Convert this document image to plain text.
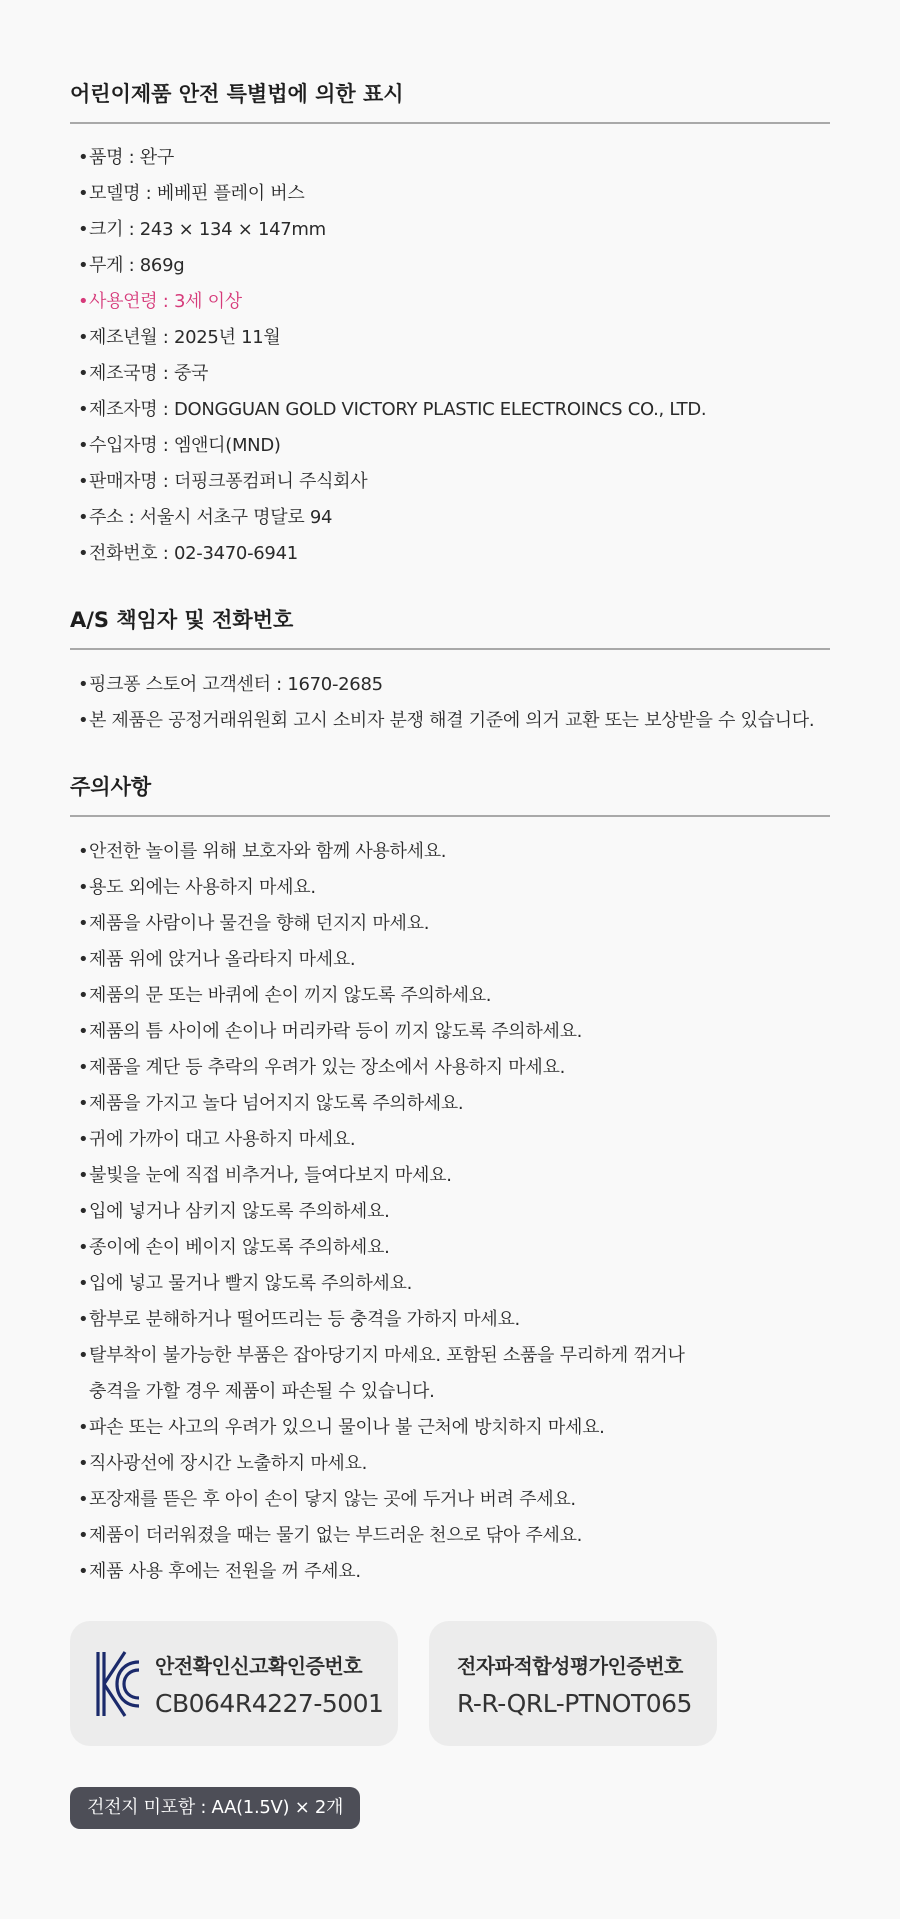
어린이제품 안전 특별법에 의한 표시
• 품명 : 완구
• 모델명 : 베베핀 플레이 버스
• 크기 : 243 × 134 × 147mm
• 무게 : 869g
• 사용연령 : 3세 이상
• 제조년월 : 2025년 11월
• 제조국명 : 중국
• 제조자명 : DONGGUAN GOLD VICTORY PLASTIC ELECTROINCS CO., LTD.
• 수입자명 : 엠앤디(MND)
• 판매자명 : 더핑크퐁컴퍼니 주식회사
• 주소 : 서울시 서초구 명달로 94
• 전화번호 : 02-3470-6941
A/S 책임자 및 전화번호
• 핑크퐁 스토어 고객센터 : 1670-2685
• 본 제품은 공정거래위원회 고시 소비자 분쟁 해결 기준에 의거 교환 또는 보상받을 수 있습니다.
주의사항
• 안전한 놀이를 위해 보호자와 함께 사용하세요.
• 용도 외에는 사용하지 마세요.
• 제품을 사람이나 물건을 향해 던지지 마세요.
• 제품 위에 앉거나 올라타지 마세요.
• 제품의 문 또는 바퀴에 손이 끼지 않도록 주의하세요.
• 제품의 틈 사이에 손이나 머리카락 등이 끼지 않도록 주의하세요.
• 제품을 계단 등 추락의 우려가 있는 장소에서 사용하지 마세요.
• 제품을 가지고 놀다 넘어지지 않도록 주의하세요.
• 귀에 가까이 대고 사용하지 마세요.
• 불빛을 눈에 직접 비추거나, 들여다보지 마세요.
• 입에 넣거나 삼키지 않도록 주의하세요.
• 종이에 손이 베이지 않도록 주의하세요.
• 입에 넣고 물거나 빨지 않도록 주의하세요.
• 함부로 분해하거나 떨어뜨리는 등 충격을 가하지 마세요.
• 탈부착이 불가능한 부품은 잡아당기지 마세요. 포함된 소품을 무리하게 꺾거나
충격을 가할 경우 제품이 파손될 수 있습니다.
• 파손 또는 사고의 우려가 있으니 물이나 불 근처에 방치하지 마세요.
• 직사광선에 장시간 노출하지 마세요.
• 포장재를 뜯은 후 아이 손이 닿지 않는 곳에 두거나 버려 주세요.
• 제품이 더러워졌을 때는 물기 없는 부드러운 천으로 닦아 주세요.
• 제품 사용 후에는 전원을 꺼 주세요.
안전확인신고확인증번호
CB064R4227-5001
전자파적합성평가인증번호
R-R-QRL-PTNOT065
건전지 미포함 : AA(1.5V) × 2개
